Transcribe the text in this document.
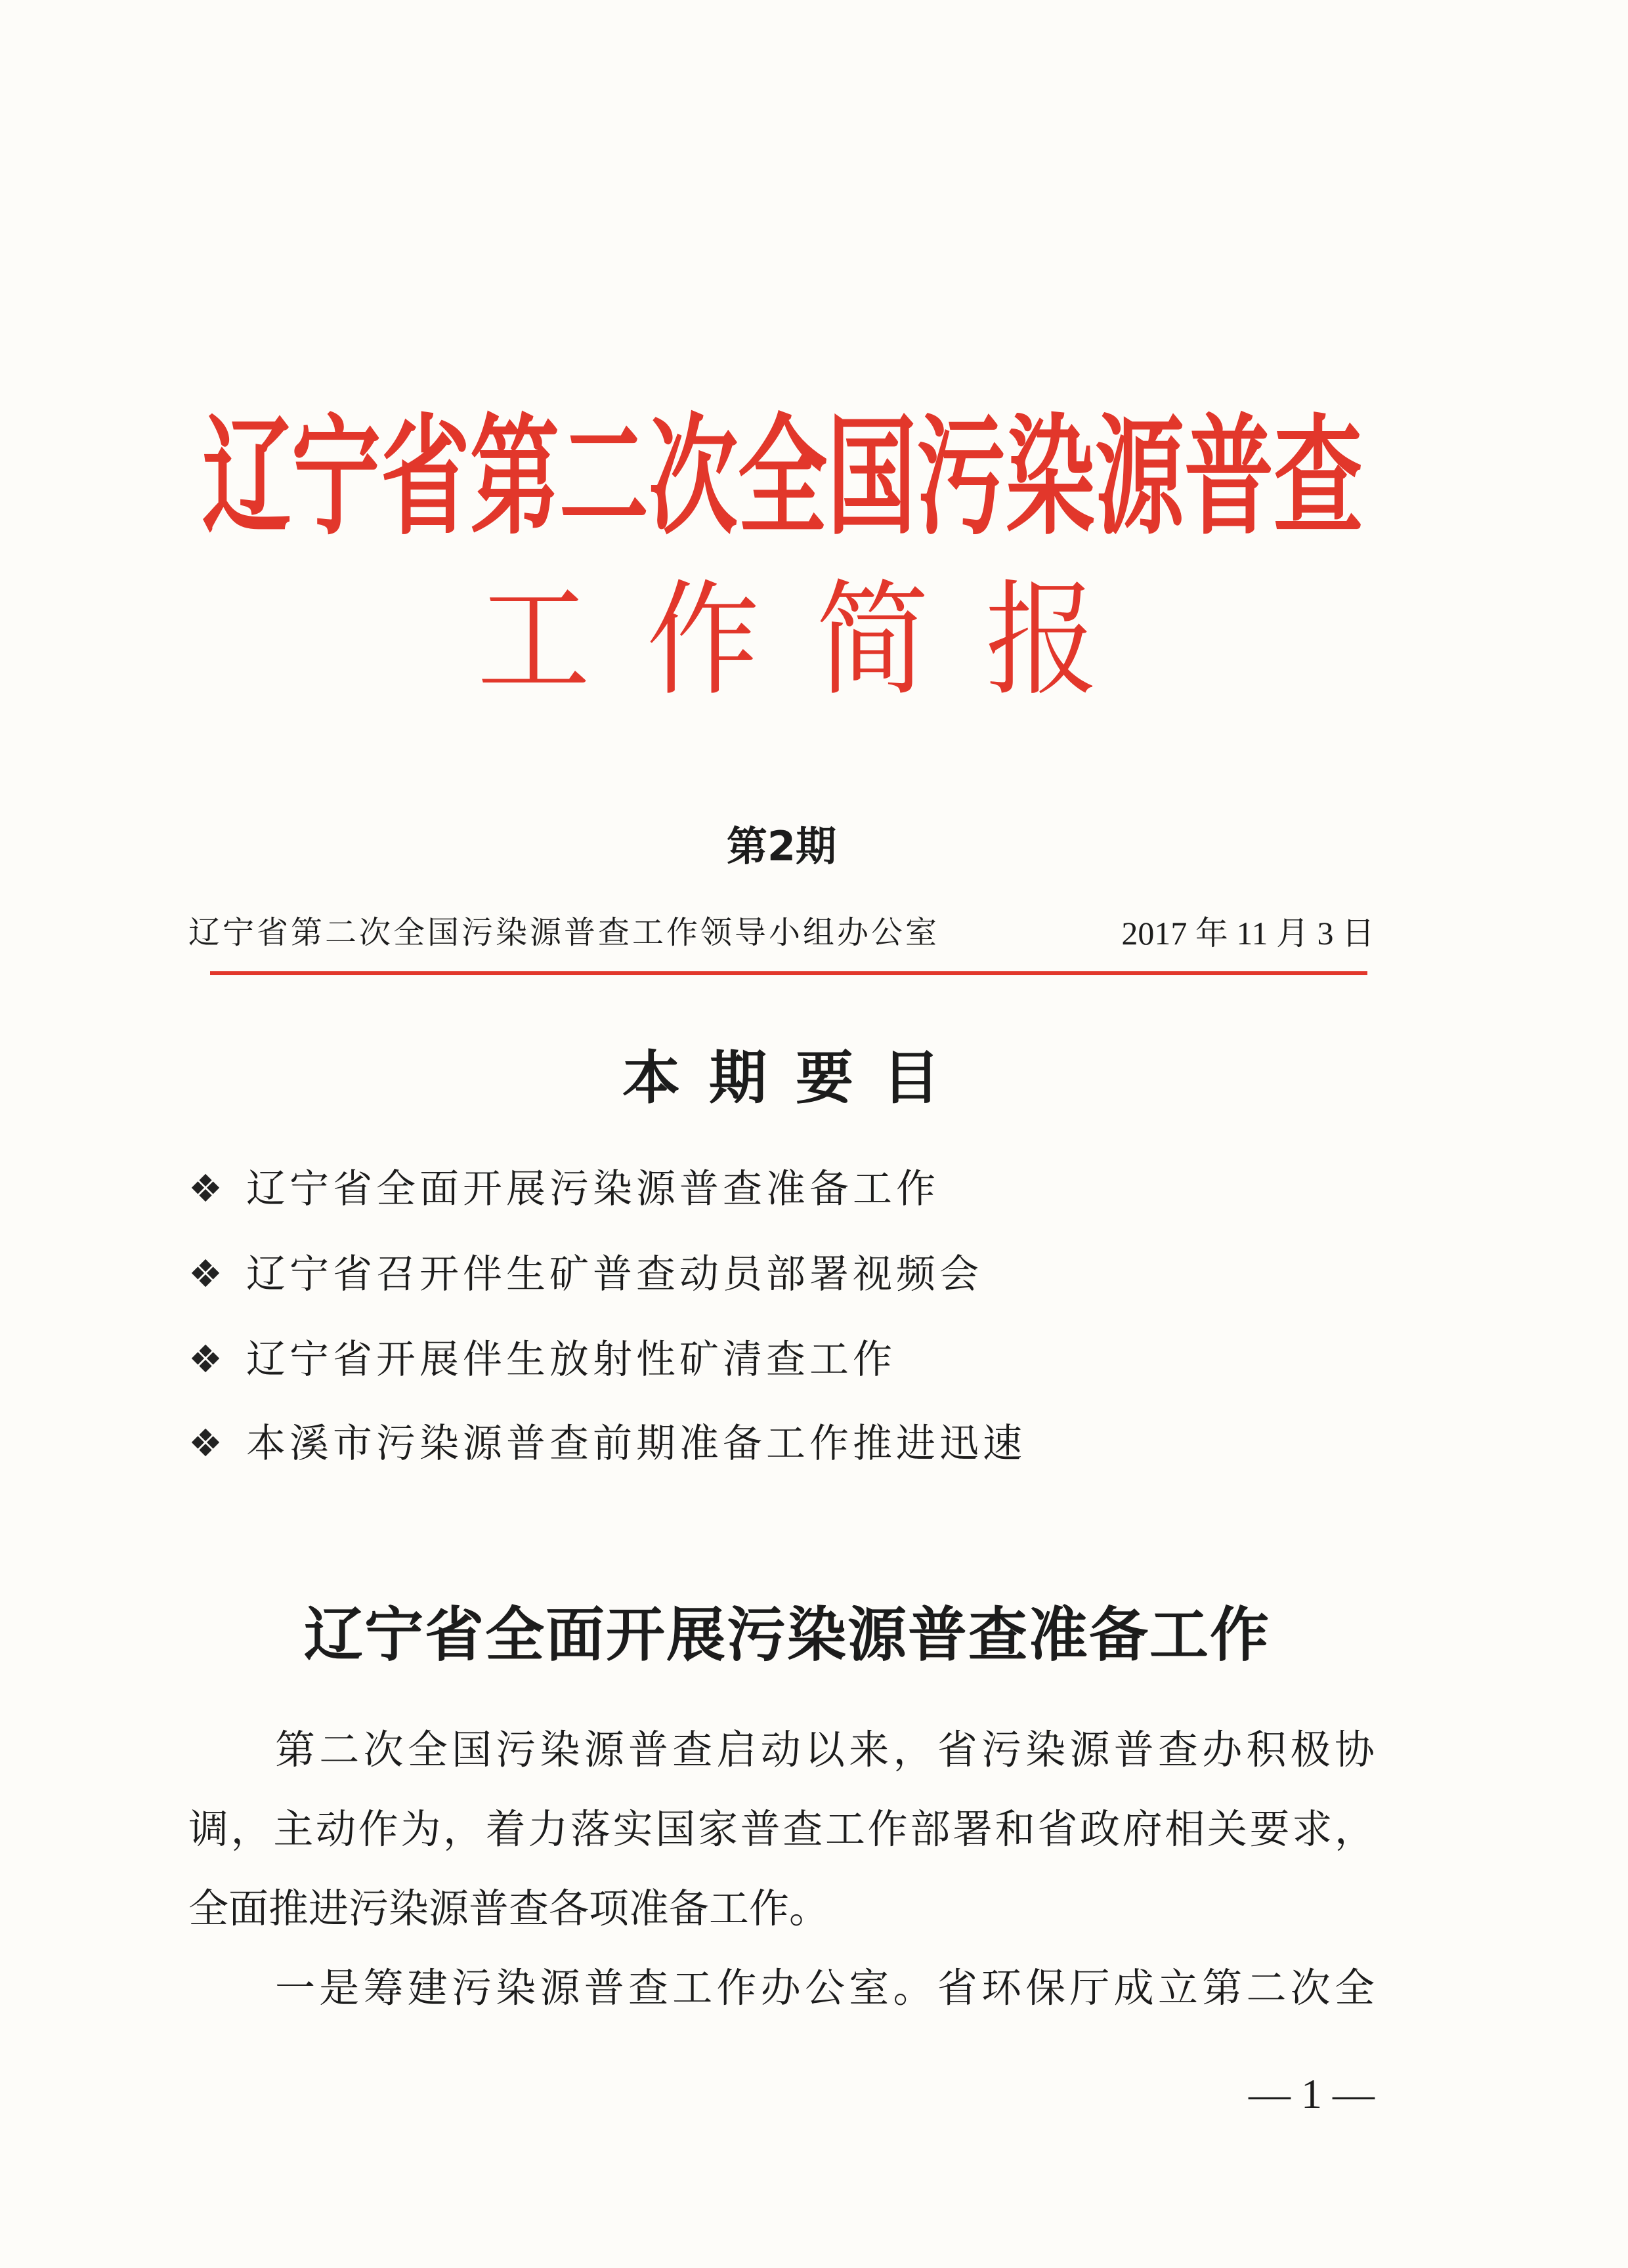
辽宁省第二次全国污染源普查
工作简报
第2期
辽宁省第二次全国污染源普查工作领导小组办公室	2017 年 11 月 3 日
本期要目
❖
辽宁省全面开展污染源普查准备工作
❖
辽宁省召开伴生矿普查动员部署视频会
❖
辽宁省开展伴生放射性矿清查工作
❖
本溪市污染源普查前期准备工作推进迅速
辽宁省全面开展污染源普查准备工作
第二次全国污染源普查启动以来，省污染源普查办积极协
调，主动作为，着力落实国家普查工作部署和省政府相关要求，
全面推进污染源普查各项准备工作。
一是筹建污染源普查工作办公室。省环保厅成立第二次全
— 1 —
